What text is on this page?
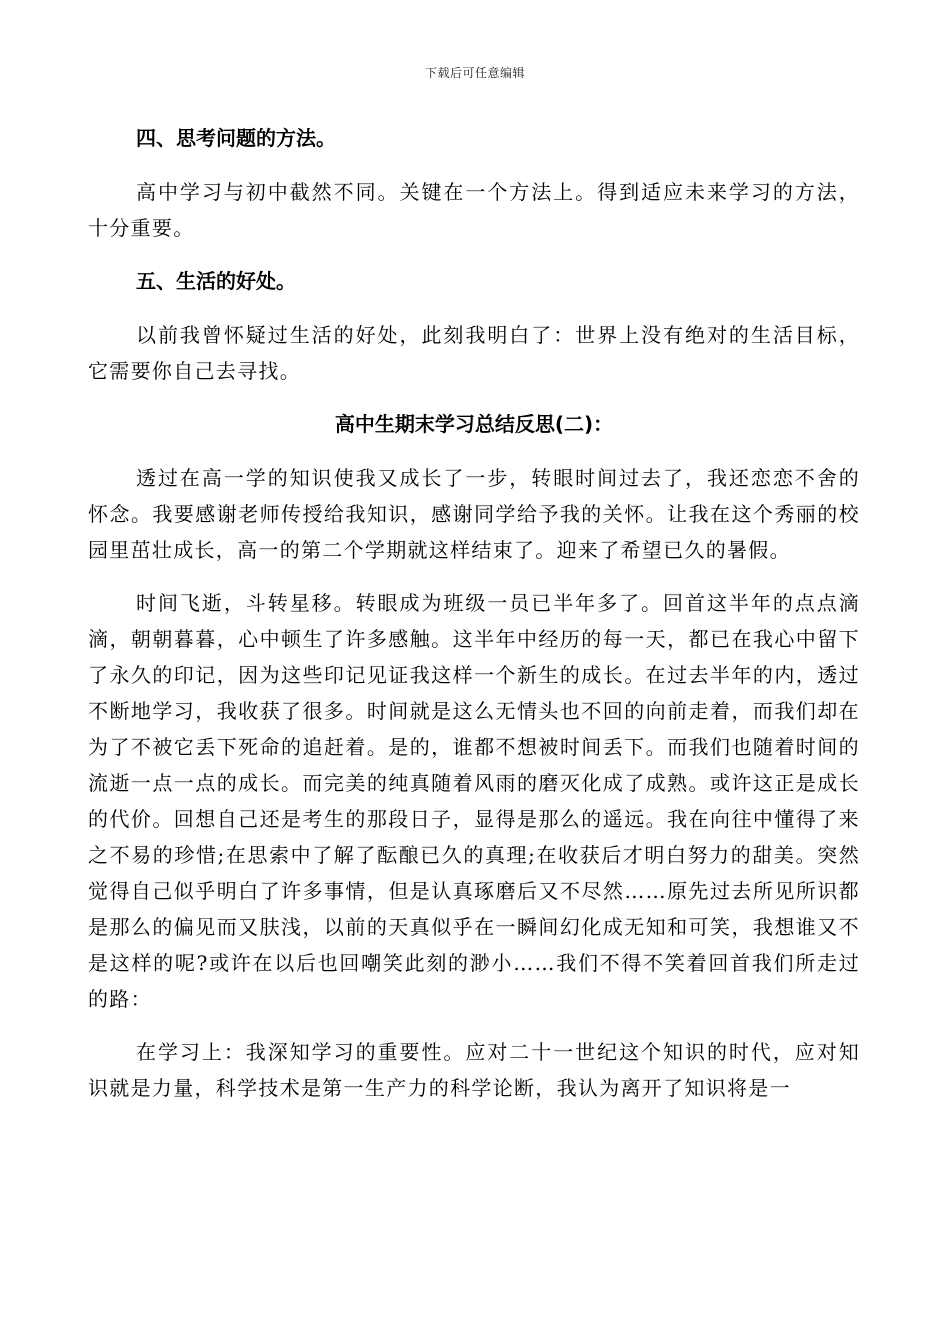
下载后可任意编辑
四、思考问题的方法。

高中学习与初中截然不同。关键在一个方法上。得到适应未来学习的方法，十分重要。

五、生活的好处。

以前我曾怀疑过生活的好处，此刻我明白了：世界上没有绝对的生活目标，它需要你自己去寻找。

高中生期末学习总结反思(二)：

透过在高一学的知识使我又成长了一步，转眼时间过去了，我还恋恋不舍的怀念。我要感谢老师传授给我知识，感谢同学给予我的关怀。让我在这个秀丽的校园里茁壮成长，高一的第二个学期就这样结束了。迎来了希望已久的暑假。

时间飞逝，斗转星移。转眼成为班级一员已半年多了。回首这半年的点点滴滴，朝朝暮暮，心中顿生了许多感触。这半年中经历的每一天，都已在我心中留下了永久的印记，因为这些印记见证我这样一个新生的成长。在过去半年的内，透过不断地学习，我收获了很多。时间就是这么无情头也不回的向前走着，而我们却在为了不被它丢下死命的追赶着。是的，谁都不想被时间丢下。而我们也随着时间的流逝一点一点的成长。而完美的纯真随着风雨的磨灭化成了成熟。或许这正是成长的代价。回想自己还是考生的那段日子，显得是那么的遥远。我在向往中懂得了来之不易的珍惜;在思索中了解了酝酿已久的真理;在收获后才明白努力的甜美。突然觉得自己似乎明白了许多事情，但是认真琢磨后又不尽然……原先过去所见所识都是那么的偏见而又肤浅，以前的天真似乎在一瞬间幻化成无知和可笑，我想谁又不是这样的呢?或许在以后也回嘲笑此刻的渺小……我们不得不笑着回首我们所走过的路：

在学习上：我深知学习的重要性。应对二十一世纪这个知识的时代，应对知识就是力量，科学技术是第一生产力的科学论断，我认为离开了知识将是一
